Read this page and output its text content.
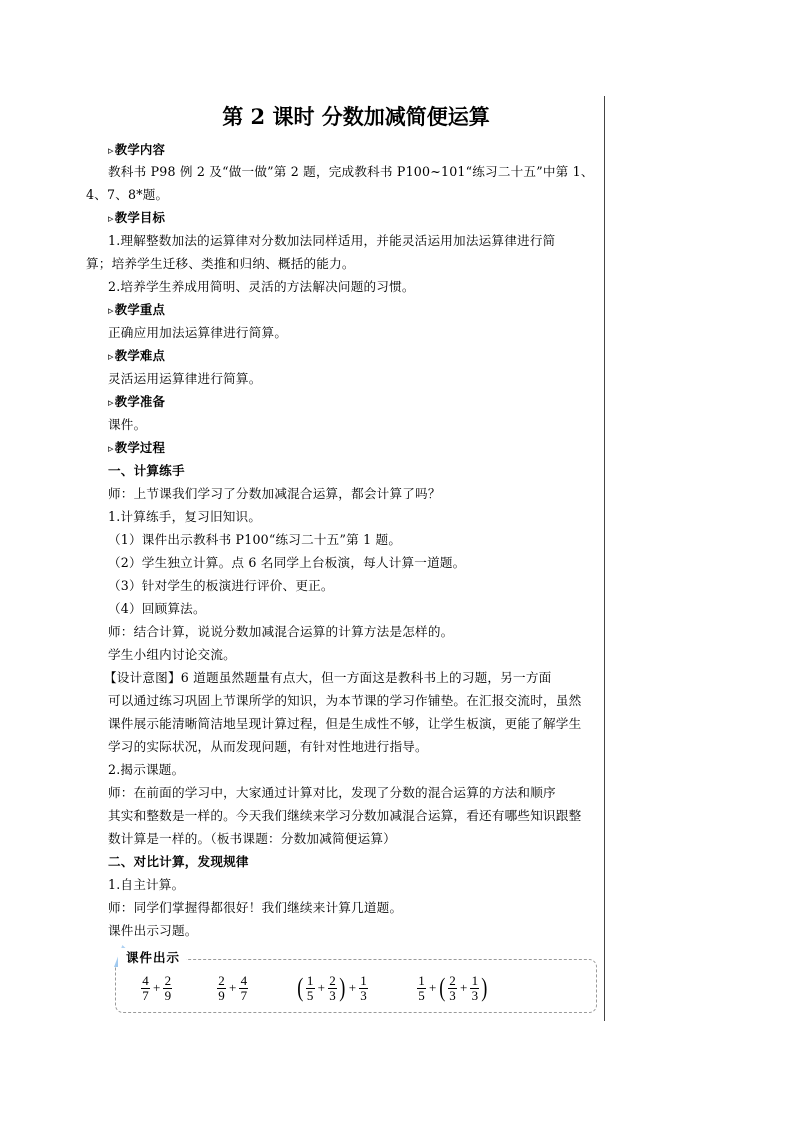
第 2 课时 分数加减简便运算
▹ 教学内容
教科书 P98 例 2 及“做一做”第 2 题，完成教科书 P100~101“练习二十五”中第 1、
4、7、8*题。
▹ 教学目标
1.理解整数加法的运算律对分数加法同样适用，并能灵活运用加法运算律进行简
算；培养学生迁移、类推和归纳、概括的能力。
2.培养学生养成用简明、灵活的方法解决问题的习惯。
▹ 教学重点
正确应用加法运算律进行简算。
▹ 教学难点
灵活运用运算律进行简算。
▹ 教学准备
课件。
▹ 教学过程
一、计算练手
师：上节课我们学习了分数加减混合运算，都会计算了吗？
1.计算练手，复习旧知识。
（1）课件出示教科书 P100“练习二十五”第 1 题。
（2）学生独立计算。点 6 名同学上台板演，每人计算一道题。
（3）针对学生的板演进行评价、更正。
（4）回顾算法。
师：结合计算，说说分数加减混合运算的计算方法是怎样的。
学生小组内讨论交流。
【设计意图】6 道题虽然题量有点大，但一方面这是教科书上的习题，另一方面
可以通过练习巩固上节课所学的知识，为本节课的学习作铺垫。在汇报交流时，虽然
课件展示能清晰简洁地呈现计算过程，但是生成性不够，让学生板演，更能了解学生
学习的实际状况，从而发现问题，有针对性地进行指导。
2.揭示课题。
师：在前面的学习中，大家通过计算对比，发现了分数的混合运算的方法和顺序
其实和整数是一样的。今天我们继续来学习分数加减混合运算，看还有哪些知识跟整
数计算是一样的。（板书课题：分数加减简便运算）
二、对比计算，发现规律
1.自主计算。
师：同学们掌握得都很好！我们继续来计算几道题。
课件出示习题。
课件出示
$\frac{4}{7} + \frac{2}{9}$	$\frac{2}{9} + \frac{4}{7}$ ( $\frac{1}{5} + \frac{2}{3}$ ) + $\frac{1}{3}$	$\frac{1}{5}$ + ( $\frac{2}{3} + \frac{1}{3}$ )
